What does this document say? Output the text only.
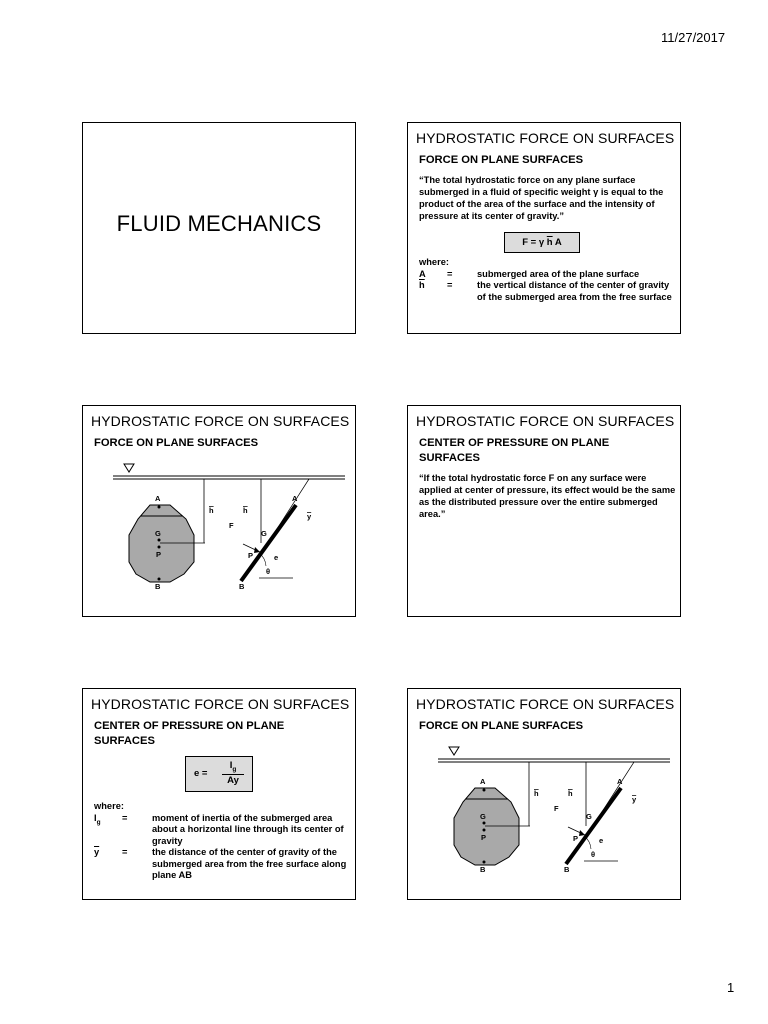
11/27/2017
FLUID MECHANICS
HYDROSTATIC FORCE ON SURFACES
FORCE ON PLANE SURFACES
“The total hydrostatic force on any plane surface submerged in a fluid of specific weight γ is equal to the product of the area of the surface and the intensity of pressure at its center of gravity.”
F = γ $\overline{h}$ A
where:
A	=	submerged area of the plane surface
$\overline{h}$	=	the vertical distance of the center of gravity of the submerged area from the free surface
HYDROSTATIC FORCE ON SURFACES
FORCE ON PLANE SURFACES
A
G
P
B
h	h
F
G
A
y
P	e
θ
B
HYDROSTATIC FORCE ON SURFACES
CENTER OF PRESSURE ON PLANE SURFACES
“If the total hydrostatic force F on any surface were applied at center of pressure, its effect would be the same as the distributed pressure over the entire submerged area.”
HYDROSTATIC FORCE ON SURFACES
CENTER OF PRESSURE ON PLANE SURFACES
e =
$I_g$
Ay
where:
$I_g$	=	moment of inertia of the submerged area about a horizontal line through its center of gravity
$\overline{y}$	=	the distance of the center of gravity of the submerged area from the free surface along plane AB
HYDROSTATIC FORCE ON SURFACES
FORCE ON PLANE SURFACES
A
G
P
B
h	h
F
G
A
y
P	e
θ
B
1
